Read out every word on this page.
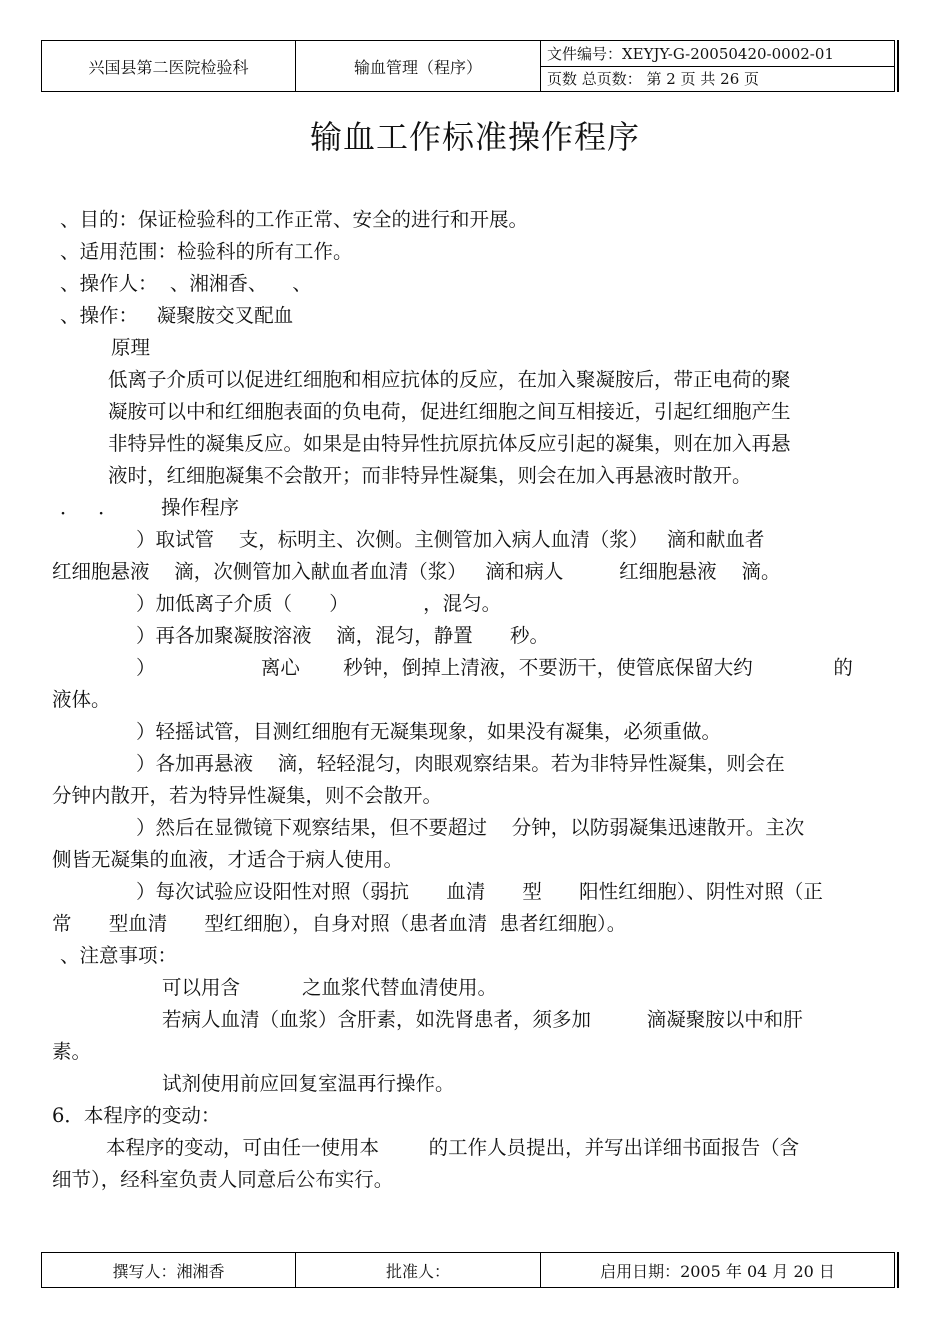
兴国县第二医院检验科	输血管理（程序）
文件编号：XEYJY-G-20050420-0002-01
页数 总页数： 第 2 页 共 26 页
输血工作标准操作程序
、目的：保证检验科的工作正常、安全的进行和开展。
、适用范围：检验科的所有工作。
、操作人：  、湘湘香、    、
、操作：   凝聚胺交叉配血
原理
低离子介质可以促进红细胞和相应抗体的反应，在加入聚凝胺后，带正电荷的聚
凝胺可以中和红细胞表面的负电荷，促进红细胞之间互相接近，引起红细胞产生
非特异性的凝集反应。如果是由特异性抗原抗体反应引起的凝集，则在加入再悬
液时，红细胞凝集不会散开；而非特异性凝集，则会在加入再悬液时散开。
．   ．       操作程序
）取试管    支，标明主、次侧。主侧管加入病人血清（浆）   滴和献血者
红细胞悬液    滴，次侧管加入献血者血清（浆）   滴和病人         红细胞悬液    滴。
）加低离子介质（      ）            ，混匀。
）再各加聚凝胺溶液    滴，混匀，静置      秒。
）                 离心       秒钟，倒掉上清液，不要沥干，使管底保留大约             的
液体。
）轻摇试管，目测红细胞有无凝集现象，如果没有凝集，必须重做。
）各加再悬液    滴，轻轻混匀，肉眼观察结果。若为非特异性凝集，则会在
分钟内散开，若为特异性凝集，则不会散开。
）然后在显微镜下观察结果，但不要超过    分钟，以防弱凝集迅速散开。主次
侧皆无凝集的血液，才适合于病人使用。
）每次试验应设阳性对照（弱抗      血清      型      阳性红细胞）、阴性对照（正
常      型血清      型红细胞），自身对照（患者血清  患者红细胞）。
、注意事项：
可以用含          之血浆代替血清使用。
若病人血清（血浆）含肝素，如洗肾患者，须多加         滴凝聚胺以中和肝
素。
试剂使用前应回复室温再行操作。
6．本程序的变动：
本程序的变动，可由任一使用本        的工作人员提出，并写出详细书面报告（含
细节），经科室负责人同意后公布实行。
撰写人：湘湘香	批准人：	启用日期：2005 年 04 月 20 日
